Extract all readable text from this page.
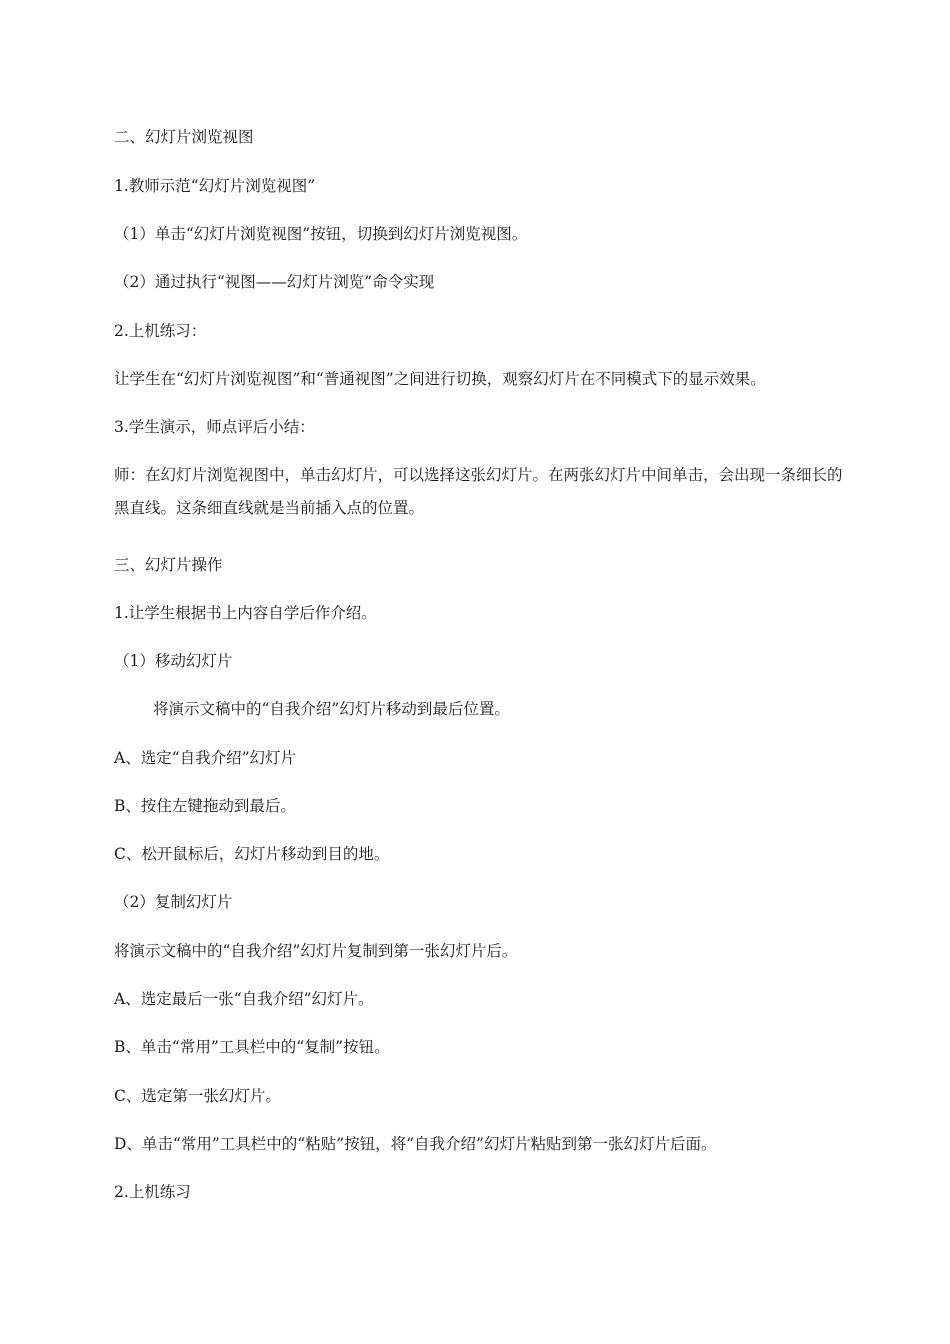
二、幻灯片浏览视图

1.教师示范“幻灯片浏览视图”

（1）单击“幻灯片浏览视图”按钮，切换到幻灯片浏览视图。

（2）通过执行“视图——幻灯片浏览”命令实现

2.上机练习：

让学生在“幻灯片浏览视图”和“普通视图”之间进行切换，观察幻灯片在不同模式下的显示效果。

3.学生演示，师点评后小结：

师：在幻灯片浏览视图中，单击幻灯片，可以选择这张幻灯片。在两张幻灯片中间单击，会出现一条细长的黑直线。这条细直线就是当前插入点的位置。

三、幻灯片操作

1.让学生根据书上内容自学后作介绍。

（1）移动幻灯片

将演示文稿中的“自我介绍”幻灯片移动到最后位置。

A、选定“自我介绍”幻灯片

B、按住左键拖动到最后。

C、松开鼠标后，幻灯片移动到目的地。

（2）复制幻灯片

将演示文稿中的“自我介绍”幻灯片复制到第一张幻灯片后。

A、选定最后一张“自我介绍”幻灯片。

B、单击“常用”工具栏中的“复制”按钮。

C、选定第一张幻灯片。

D、单击“常用”工具栏中的“粘贴”按钮，将“自我介绍”幻灯片粘贴到第一张幻灯片后面。

2.上机练习
